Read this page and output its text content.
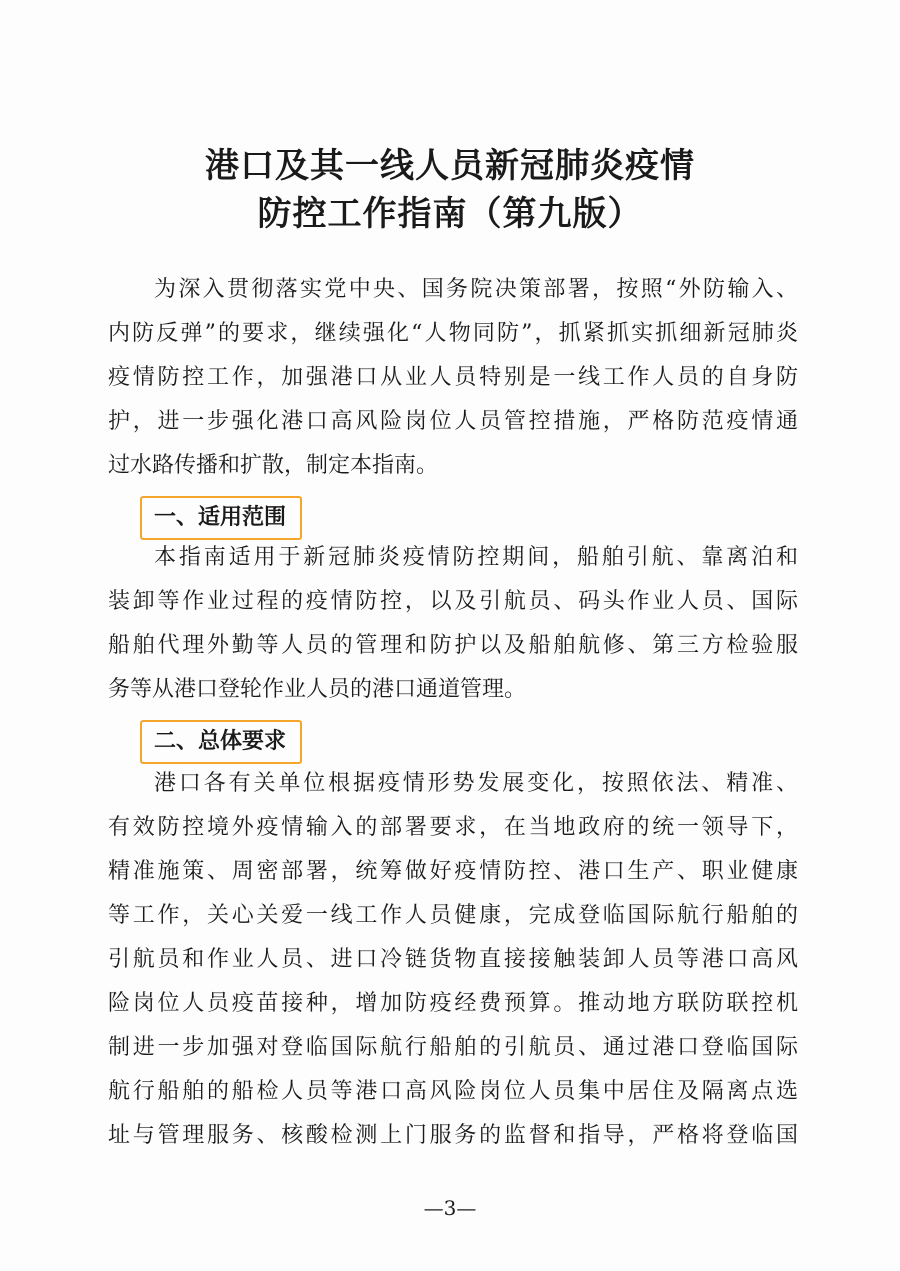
港口及其一线人员新冠肺炎疫情
防控工作指南（第九版）
为深入贯彻落实党中央、国务院决策部署，按照“外防输入、
内防反弹”的要求，继续强化“人物同防”，抓紧抓实抓细新冠肺炎
疫情防控工作，加强港口从业人员特别是一线工作人员的自身防
护，进一步强化港口高风险岗位人员管控措施，严格防范疫情通
过水路传播和扩散，制定本指南。
一、适用范围
本指南适用于新冠肺炎疫情防控期间，船舶引航、靠离泊和
装卸等作业过程的疫情防控，以及引航员、码头作业人员、国际
船舶代理外勤等人员的管理和防护以及船舶航修、第三方检验服
务等从港口登轮作业人员的港口通道管理。
二、总体要求
港口各有关单位根据疫情形势发展变化，按照依法、精准、
有效防控境外疫情输入的部署要求，在当地政府的统一领导下，
精准施策、周密部署，统筹做好疫情防控、港口生产、职业健康
等工作，关心关爱一线工作人员健康，完成登临国际航行船舶的
引航员和作业人员、进口冷链货物直接接触装卸人员等港口高风
险岗位人员疫苗接种，增加防疫经费预算。推动地方联防联控机
制进一步加强对登临国际航行船舶的引航员、通过港口登临国际
航行船舶的船检人员等港口高风险岗位人员集中居住及隔离点选
址与管理服务、核酸检测上门服务的监督和指导，严格将登临国
—3—
